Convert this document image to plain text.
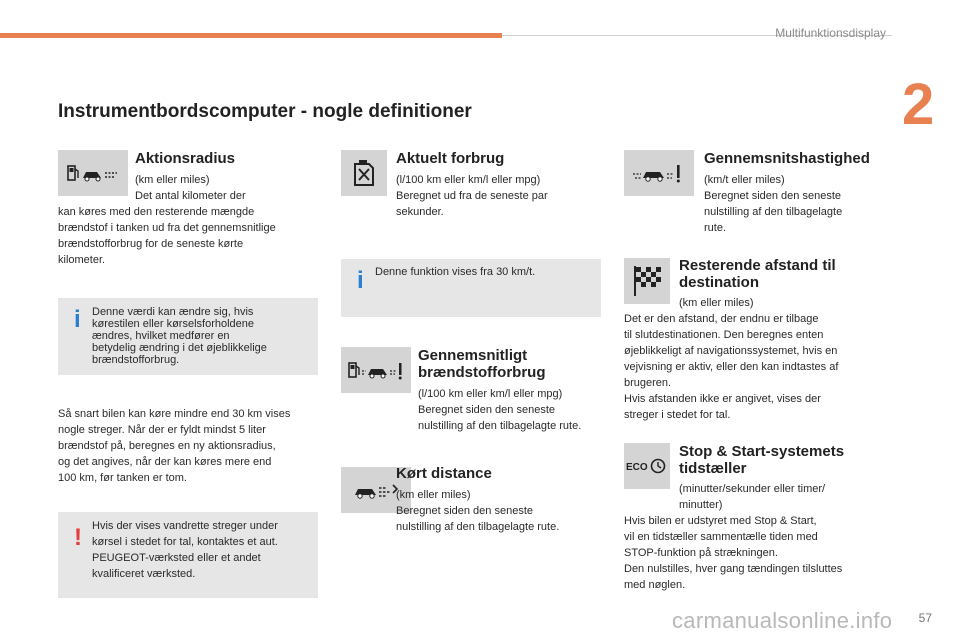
Multifunktionsdisplay
2
Instrumentbordscomputer - nogle definitioner
Aktionsradius
(km eller miles)
Det antal kilometer der
kan køres med den resterende mængde
brændstof i tanken ud fra det gennemsnitlige
brændstofforbrug for de seneste kørte
kilometer.
i Denne værdi kan ændre sig, hvis
kørestilen eller kørselsforholdene
ændres, hvilket medfører en
betydelig ændring i det øjeblikkelige
brændstofforbrug.
Så snart bilen kan køre mindre end 30 km vises
nogle streger. Når der er fyldt mindst 5 liter
brændstof på, beregnes en ny aktionsradius,
og det angives, når der kan køres mere end
100 km, før tanken er tom.
! Hvis der vises vandrette streger under
kørsel i stedet for tal, kontaktes et aut.
PEUGEOT-værksted eller et andet
kvalificeret værksted.
Aktuelt forbrug
(l/100 km eller km/l eller mpg)
Beregnet ud fra de seneste par
sekunder.
i Denne funktion vises fra 30 km/t.
Gennemsnitligt
brændstofforbrug
(l/100 km eller km/l eller mpg)
Beregnet siden den seneste
nulstilling af den tilbagelagte rute.
Kørt distance
(km eller miles)
Beregnet siden den seneste
nulstilling af den tilbagelagte rute.
Gennemsnitshastighed
(km/t eller miles)
Beregnet siden den seneste
nulstilling af den tilbagelagte
rute.
Resterende afstand til
destination
(km eller miles)
Det er den afstand, der endnu er tilbage
til slutdestinationen. Den beregnes enten
øjeblikkeligt af navigationssystemet, hvis en
vejvisning er aktiv, eller den kan indtastes af
brugeren.
Hvis afstanden ikke er angivet, vises der
streger i stedet for tal.
ECO
Stop & Start-systemets
tidstæller
(minutter/sekunder eller timer/
minutter)
Hvis bilen er udstyret med Stop & Start,
vil en tidstæller sammentælle tiden med
STOP-funktion på strækningen.
Den nulstilles, hver gang tændingen tilsluttes
med nøglen.
carmanualsonline.info 57
